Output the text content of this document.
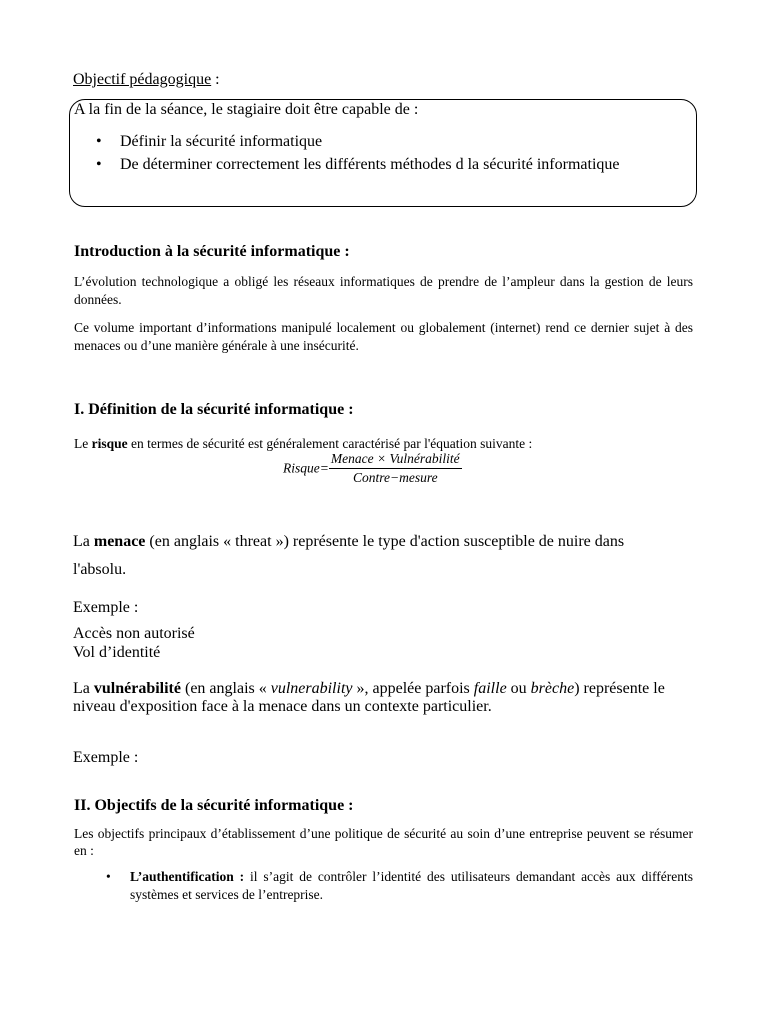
Objectif pédagogique :
A la fin de la séance, le stagiaire doit être capable de :
• Définir la sécurité informatique
• De déterminer correctement les différents méthodes d la sécurité informatique
Introduction à la sécurité informatique :
L’évolution technologique a obligé les réseaux informatiques de prendre de l’ampleur dans la gestion de leurs données.
Ce volume important d’informations manipulé localement ou globalement (internet) rend ce dernier sujet à des menaces ou d’une manière générale à une insécurité.
I. Définition de la sécurité informatique :
Le risque en termes de sécurité est généralement caractérisé par l'équation suivante :
Risque= $\frac{\text{Menace × Vulnérabilité}}{\text{Contre−mesure}}$
La menace (en anglais « threat ») représente le type d'action susceptible de nuire dans
l'absolu.
Exemple :
Accès non autorisé
Vol d’identité
La vulnérabilité (en anglais « vulnerability », appelée parfois faille ou brèche) représente le niveau d'exposition face à la menace dans un contexte particulier.
Exemple :
II. Objectifs de la sécurité informatique :
Les objectifs principaux d’établissement d’une politique de sécurité au soin d’une entreprise peuvent se résumer en :
• L’authentification : il s’agit de contrôler l’identité des utilisateurs demandant accès aux différents systèmes et services de l’entreprise.
